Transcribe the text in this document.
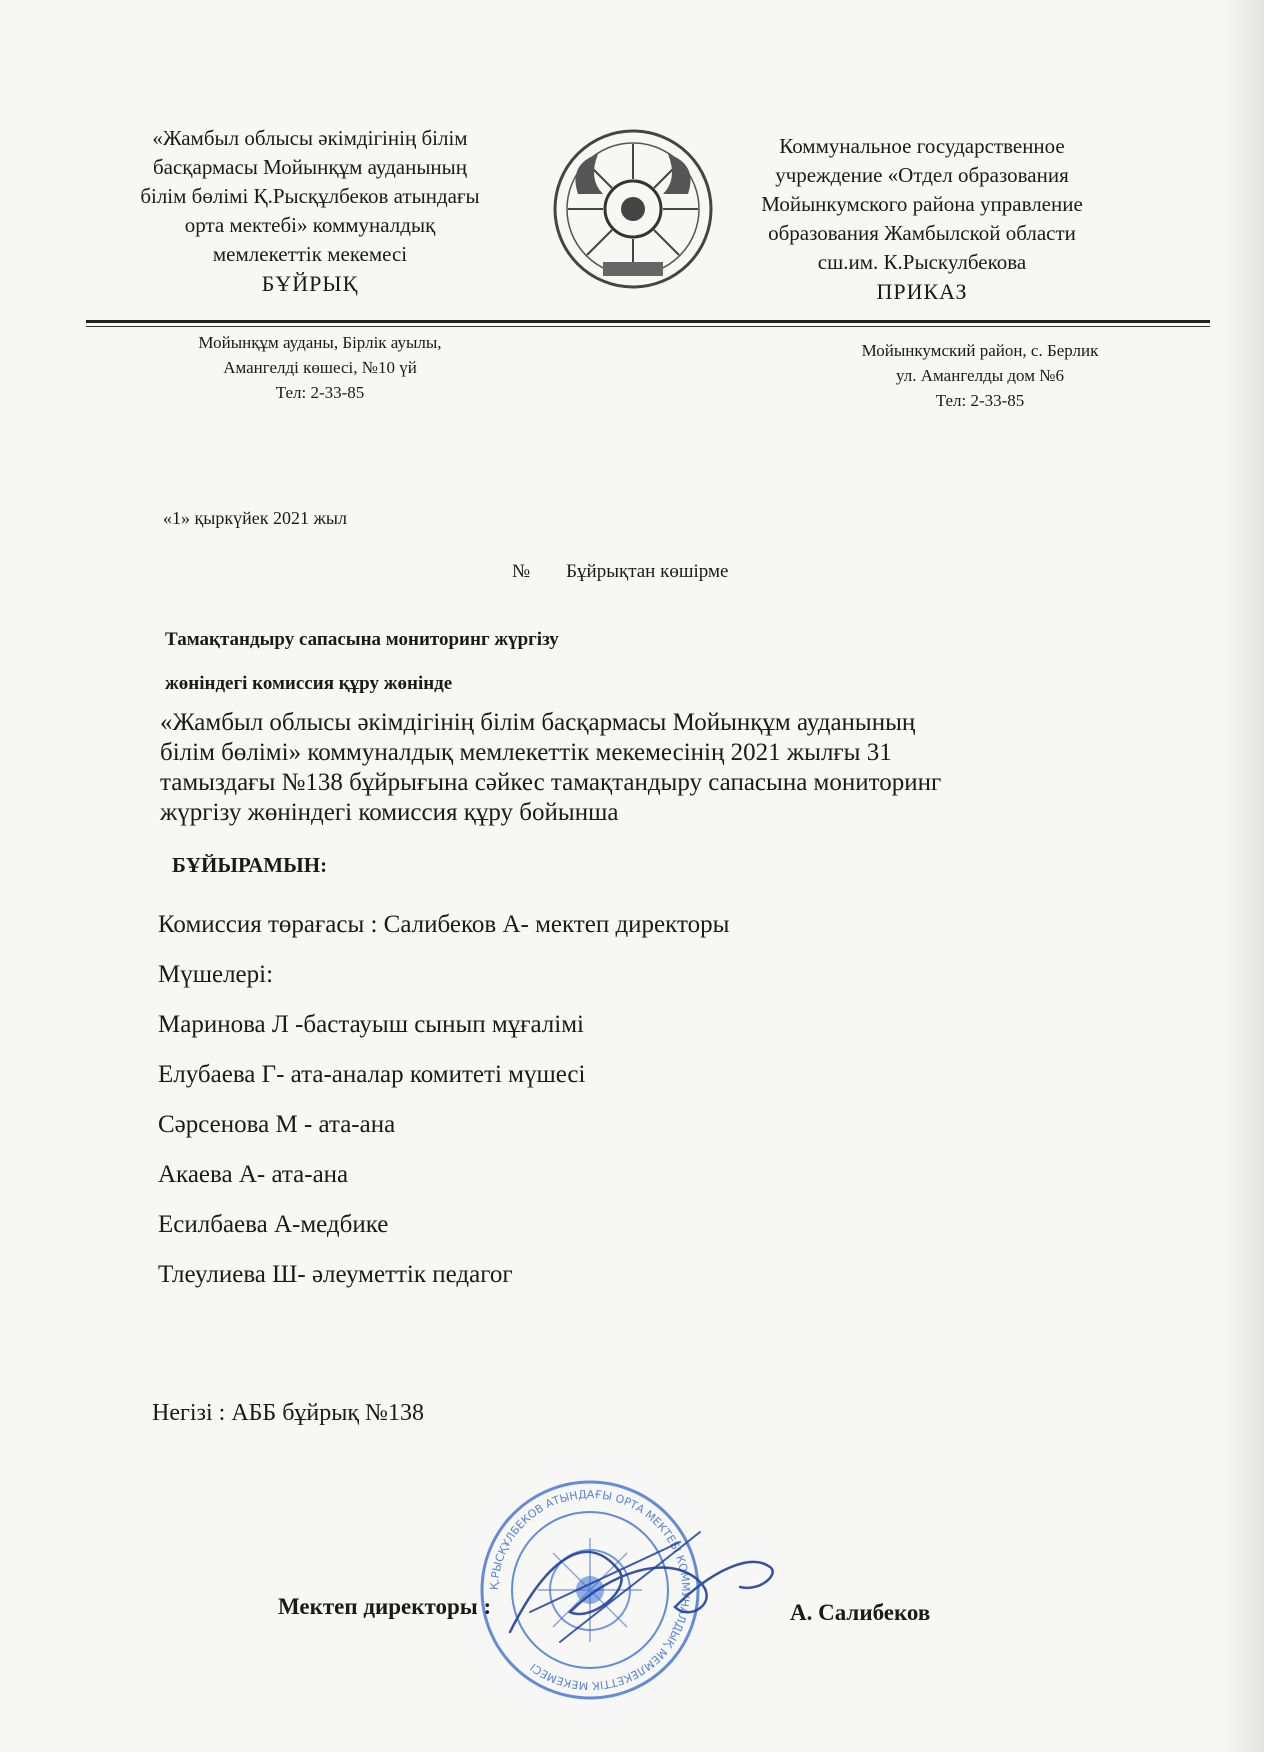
«Жамбыл облысы әкімдігінің білім
басқармасы Мойынқұм ауданының
білім бөлімі Қ.Рысқұлбеков атындағы
орта мектебі» коммуналдық
мемлекеттік мекемесі
БҰЙРЫҚ
Коммунальное государственное
учреждение «Отдел образования
Мойынкумского района управление
образования Жамбылской области
сш.им. К.Рыскулбекова
ПРИКАЗ
Мойынқұм ауданы, Бірлік ауылы,
Амангелді көшесі, №10 үй
Тел: 2-33-85
Мойынкумский район, с. Берлик
ул. Амангелды дом №6
Тел: 2-33-85
«1» қыркүйек 2021 жыл
№ Бұйрықтан көшірме
Тамақтандыру сапасына мониторинг жүргізу
жөніндегі комиссия құру жөнінде
«Жамбыл облысы әкімдігінің білім басқармасы Мойынқұм ауданының
білім бөлімі» коммуналдық мемлекеттік мекемесінің 2021 жылғы 31
тамыздағы №138 бұйрығына сәйкес тамақтандыру сапасына мониторинг
жүргізу жөніндегі комиссия құру бойынша
БҰЙЫРАМЫН:
Комиссия төрағасы : Салибеков А- мектеп директоры
Мүшелері:
Маринова Л -бастауыш сынып мұғалімі
Елубаева Г- ата-аналар комитеті мүшесі
Сәрсенова М - ата-ана
Акаева А- ата-ана
Есилбаева А-медбике
Тлеулиева Ш- әлеуметтік педагог
Негізі : АББ бұйрық №138
Қ.РЫСҚҰЛБЕКОВ АТЫНДАҒЫ ОРТА МЕКТЕБІ КОММУНАЛДЫҚ МЕМЛЕКЕТТІК МЕКЕМЕСІ
Мектеп директоры :	А. Салибеков
